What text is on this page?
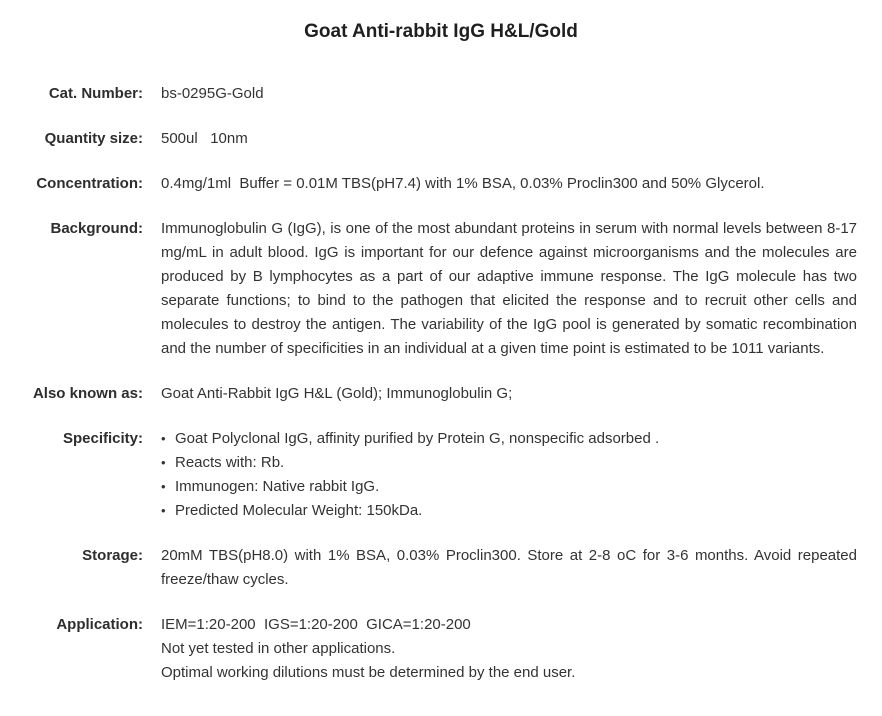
Goat Anti-rabbit IgG H&L/Gold
Cat. Number: bs-0295G-Gold
Quantity size: 500ul   10nm
Concentration: 0.4mg/1ml  Buffer = 0.01M TBS(pH7.4) with 1% BSA, 0.03% Proclin300 and 50% Glycerol.
Background: Immunoglobulin G (IgG), is one of the most abundant proteins in serum with normal levels between 8-17 mg/mL in adult blood. IgG is important for our defence against microorganisms and the molecules are produced by B lymphocytes as a part of our adaptive immune response. The IgG molecule has two separate functions; to bind to the pathogen that elicited the response and to recruit other cells and molecules to destroy the antigen. The variability of the IgG pool is generated by somatic recombination and the number of specificities in an individual at a given time point is estimated to be 1011 variants.
Also known as: Goat Anti-Rabbit IgG H&L (Gold); Immunoglobulin G;
Specificity: • Goat Polyclonal IgG, affinity purified by Protein G, nonspecific adsorbed .
• Reacts with: Rb.
• Immunogen: Native rabbit IgG.
• Predicted Molecular Weight: 150kDa.
Storage: 20mM TBS(pH8.0) with 1% BSA, 0.03% Proclin300. Store at 2-8 oC for 3-6 months. Avoid repeated freeze/thaw cycles.
Application: IEM=1:20-200  IGS=1:20-200  GICA=1:20-200
Not yet tested in other applications.
Optimal working dilutions must be determined by the end user.
